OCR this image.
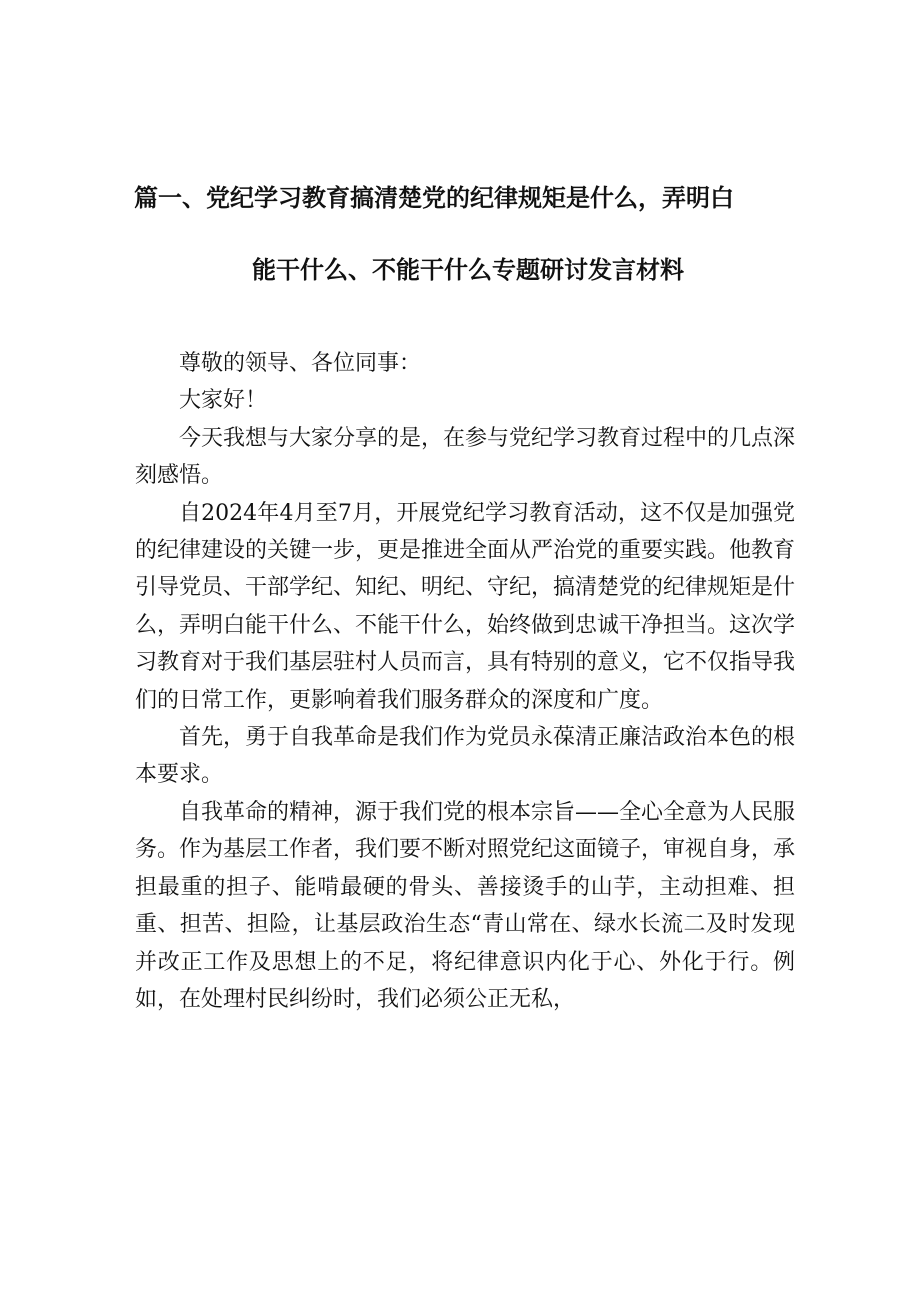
篇一、党纪学习教育搞清楚党的纪律规矩是什么，弄明白
能干什么、不能干什么专题研讨发言材料

尊敬的领导、各位同事：

大家好！

今天我想与大家分享的是，在参与党纪学习教育过程中的几点深刻感悟。

自2024年4月至7月，开展党纪学习教育活动，这不仅是加强党的纪律建设的关键一步，更是推进全面从严治党的重要实践。他教育引导党员、干部学纪、知纪、明纪、守纪，搞清楚党的纪律规矩是什么，弄明白能干什么、不能干什么，始终做到忠诚干净担当。这次学习教育对于我们基层驻村人员而言，具有特别的意义，它不仅指导我们的日常工作，更影响着我们服务群众的深度和广度。

首先，勇于自我革命是我们作为党员永葆清正廉洁政治本色的根本要求。

自我革命的精神，源于我们党的根本宗旨——全心全意为人民服务。作为基层工作者，我们要不断对照党纪这面镜子，审视自身，承担最重的担子、能啃最硬的骨头、善接烫手的山芋，主动担难、担重、担苦、担险，让基层政治生态“青山常在、绿水长流二及时发现并改正工作及思想上的不足，将纪律意识内化于心、外化于行。例如，在处理村民纠纷时，我们必须公正无私，
